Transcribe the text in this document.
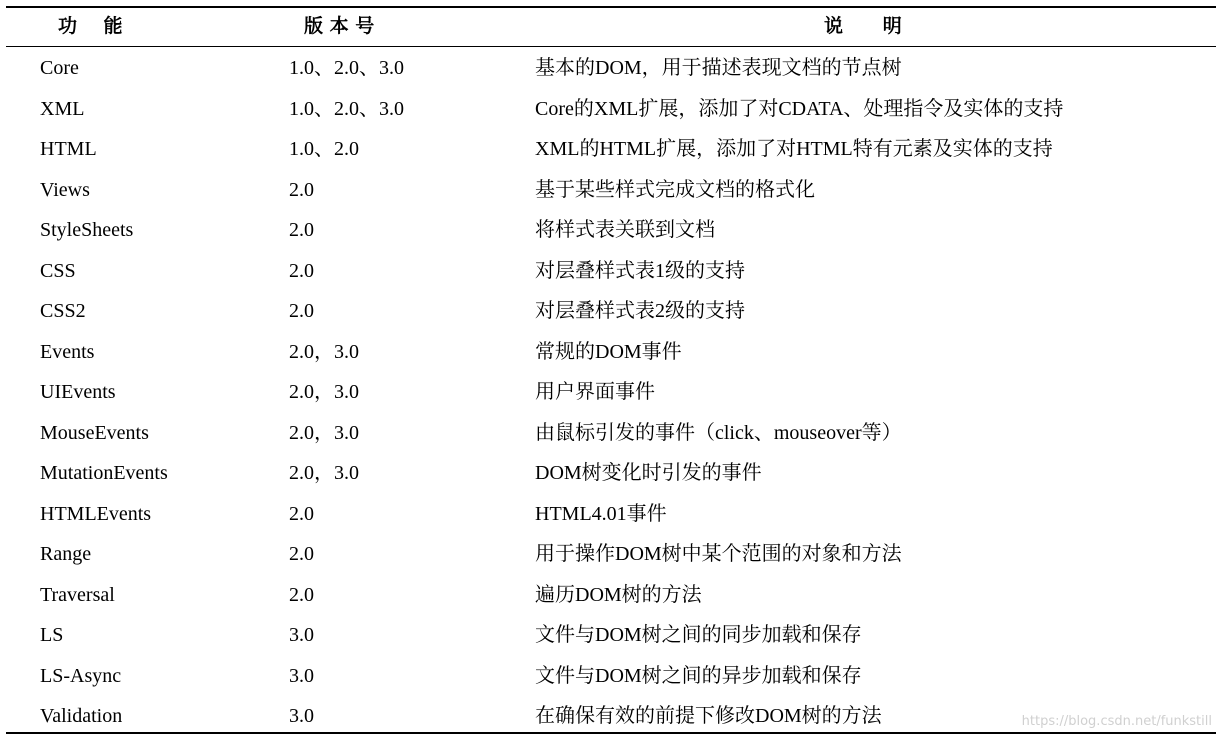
功    能	版 本 号	说      明
Core	1.0、2.0、3.0	基本的DOM，用于描述表现文档的节点树
XML	1.0、2.0、3.0	Core的XML扩展，添加了对CDATA、处理指令及实体的支持
HTML	1.0、2.0	XML的HTML扩展，添加了对HTML特有元素及实体的支持
Views	2.0	基于某些样式完成文档的格式化
StyleSheets	2.0	将样式表关联到文档
CSS	2.0	对层叠样式表1级的支持
CSS2	2.0	对层叠样式表2级的支持
Events	2.0，3.0	常规的DOM事件
UIEvents	2.0，3.0	用户界面事件
MouseEvents	2.0，3.0	由鼠标引发的事件（click、mouseover等）
MutationEvents	2.0，3.0	DOM树变化时引发的事件
HTMLEvents	2.0	HTML4.01事件
Range	2.0	用于操作DOM树中某个范围的对象和方法
Traversal	2.0	遍历DOM树的方法
LS	3.0	文件与DOM树之间的同步加载和保存
LS-Async	3.0	文件与DOM树之间的异步加载和保存
Validation	3.0	在确保有效的前提下修改DOM树的方法	https://blog.csdn.net/funkstill
